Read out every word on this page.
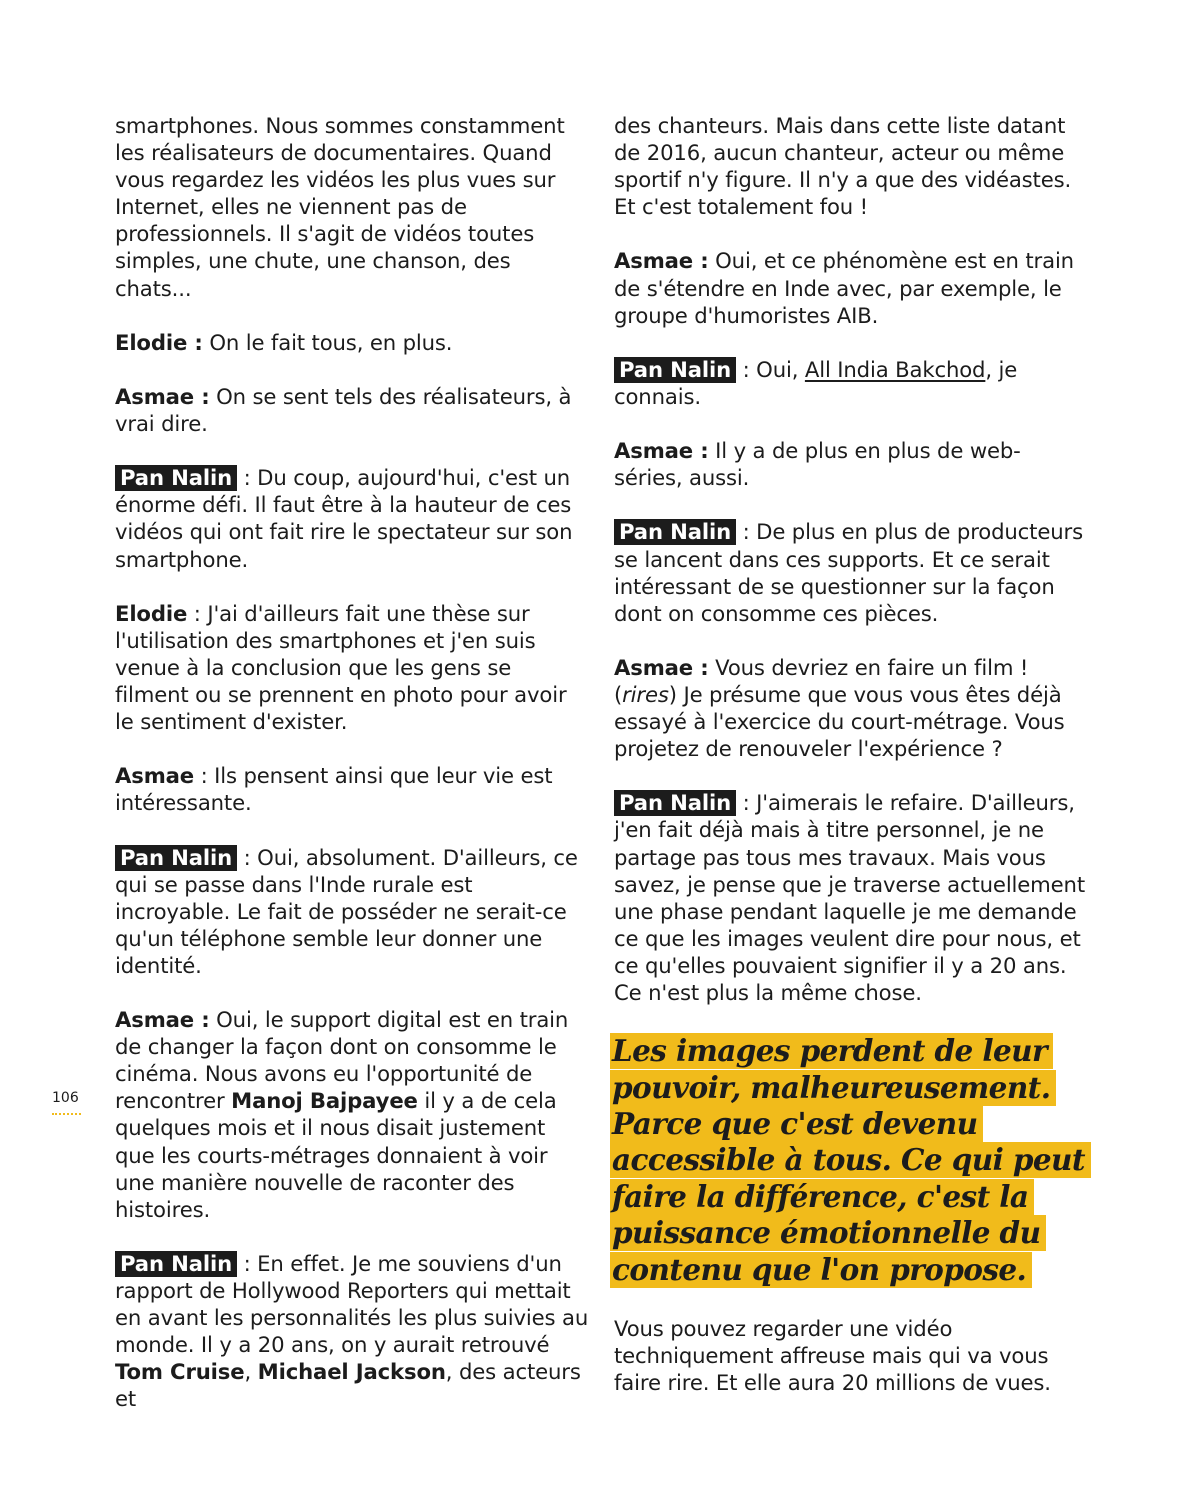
smartphones. Nous sommes constamment les réalisateurs de documentaires. Quand vous regardez les vidéos les plus vues sur Internet, elles ne viennent pas de professionnels. Il s'agit de vidéos toutes simples, une chute, une chanson, des chats...

Elodie : On le fait tous, en plus.

Asmae : On se sent tels des réalisateurs, à vrai dire.

Pan Nalin : Du coup, aujourd'hui, c'est un énorme défi. Il faut être à la hauteur de ces vidéos qui ont fait rire le spectateur sur son smartphone.

Elodie : J'ai d'ailleurs fait une thèse sur l'utilisation des smartphones et j'en suis venue à la conclusion que les gens se filment ou se prennent en photo pour avoir le sentiment d'exister.

Asmae : Ils pensent ainsi que leur vie est intéressante.

Pan Nalin : Oui, absolument. D'ailleurs, ce qui se passe dans l'Inde rurale est incroyable. Le fait de posséder ne serait-ce qu'un téléphone semble leur donner une identité.

Asmae : Oui, le support digital est en train de changer la façon dont on consomme le cinéma. Nous avons eu l'opportunité de rencontrer Manoj Bajpayee il y a de cela quelques mois et il nous disait justement que les courts-métrages donnaient à voir une manière nouvelle de raconter des histoires.

Pan Nalin : En effet. Je me souviens d'un rapport de Hollywood Reporters qui mettait en avant les personnalités les plus suivies au monde. Il y a 20 ans, on y aurait retrouvé Tom Cruise, Michael Jackson, des acteurs et

des chanteurs. Mais dans cette liste datant de 2016, aucun chanteur, acteur ou même sportif n'y figure. Il n'y a que des vidéastes. Et c'est totalement fou !

Asmae : Oui, et ce phénomène est en train de s'étendre en Inde avec, par exemple, le groupe d'humoristes AIB.

Pan Nalin : Oui, All India Bakchod, je connais.

Asmae : Il y a de plus en plus de web-séries, aussi.

Pan Nalin : De plus en plus de producteurs se lancent dans ces supports. Et ce serait intéressant de se questionner sur la façon dont on consomme ces pièces.

Asmae : Vous devriez en faire un film ! (rires) Je présume que vous vous êtes déjà essayé à l'exercice du court-métrage. Vous projetez de renouveler l'expérience ?

Pan Nalin : J'aimerais le refaire. D'ailleurs, j'en fait déjà mais à titre personnel, je ne partage pas tous mes travaux. Mais vous savez, je pense que je traverse actuellement une phase pendant laquelle je me demande ce que les images veulent dire pour nous, et ce qu'elles pouvaient signifier il y a 20 ans. Ce n'est plus la même chose.

Les images perdent de leur pouvoir, malheureusement. Parce que c'est devenu accessible à tous. Ce qui peut faire la différence, c'est la puissance émotionnelle du contenu que l'on propose.

Vous pouvez regarder une vidéo techniquement affreuse mais qui va vous faire rire. Et elle aura 20 millions de vues.

106
